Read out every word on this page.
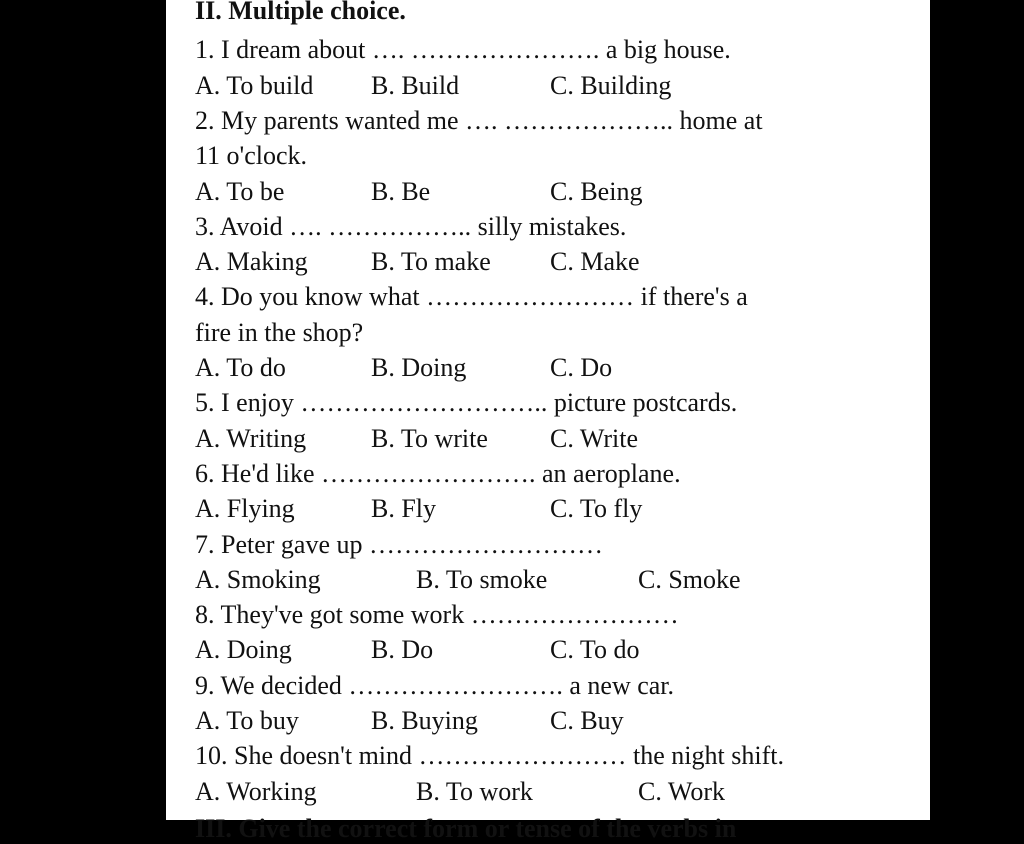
II. Multiple choice.
1. I dream about …. …………………. a big house.
A. To build B. Build	C. Building
2. My parents wanted me …. ……………….. home at
11 o'clock.
A. To be	B. Be	C. Being
3. Avoid …. …………….. silly mistakes.
A. Making B. To make C. Make
4. Do you know what …………………… if there's a
fire in the shop?
A. To do	B. Doing	C. Do
5. I enjoy ……………………….. picture postcards.
A. Writing B. To write C. Write
6. He'd like ……………………. an aeroplane.
A. Flying	B. Fly	C. To fly
7. Peter gave up ………………………
A. Smoking	B. To smoke	C. Smoke
8. They've got some work ……………………
A. Doing	B. Do	C. To do
9. We decided ……………………. a new car.
A. To buy	B. Buying	C. Buy
10. She doesn't mind …………………… the night shift.
A. Working	B. To work	C. Work
III. Give the correct form or tense of the verbs in
